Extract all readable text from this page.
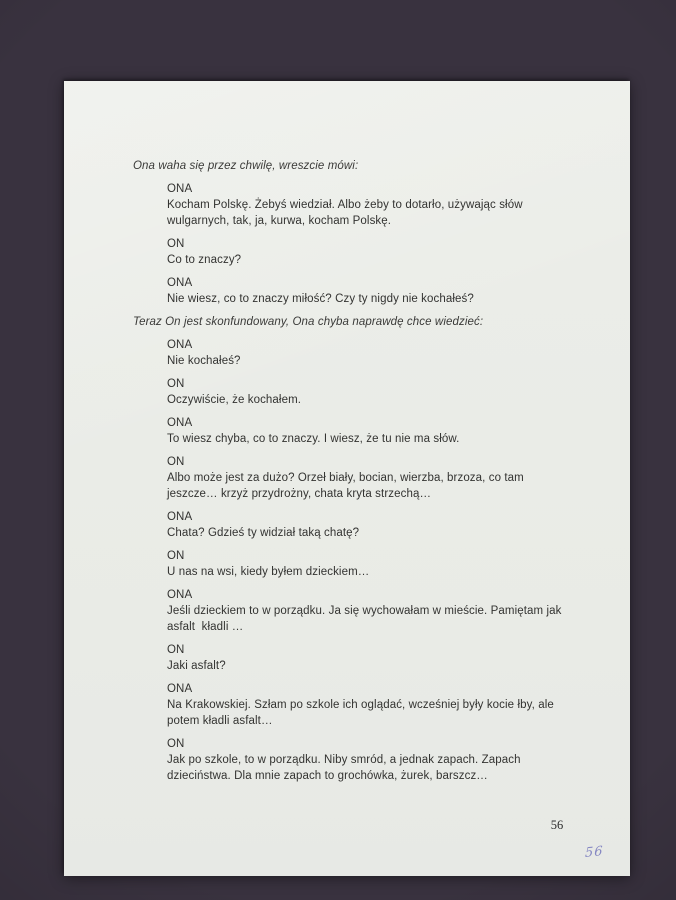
Ona waha się przez chwilę, wreszcie mówi:
ONA
Kocham Polskę. Żebyś wiedział. Albo żeby to dotarło, używając słów
wulgarnych, tak, ja, kurwa, kocham Polskę.
ON
Co to znaczy?
ONA
Nie wiesz, co to znaczy miłość? Czy ty nigdy nie kochałeś?
Teraz On jest skonfundowany, Ona chyba naprawdę chce wiedzieć:
ONA
Nie kochałeś?
ON
Oczywiście, że kochałem.
ONA
To wiesz chyba, co to znaczy. I wiesz, że tu nie ma słów.
ON
Albo może jest za dużo? Orzeł biały, bocian, wierzba, brzoza, co tam
jeszcze… krzyż przydrożny, chata kryta strzechą…
ONA
Chata? Gdzieś ty widział taką chatę?
ON
U nas na wsi, kiedy byłem dzieckiem…
ONA
Jeśli dzieckiem to w porządku. Ja się wychowałam w mieście. Pamiętam jak
asfalt  kładli …
ON
Jaki asfalt?
ONA
Na Krakowskiej. Szłam po szkole ich oglądać, wcześniej były kocie łby, ale
potem kładli asfalt…
ON
Jak po szkole, to w porządku. Niby smród, a jednak zapach. Zapach
dzieciństwa. Dla mnie zapach to grochówka, żurek, barszcz…
56
56
